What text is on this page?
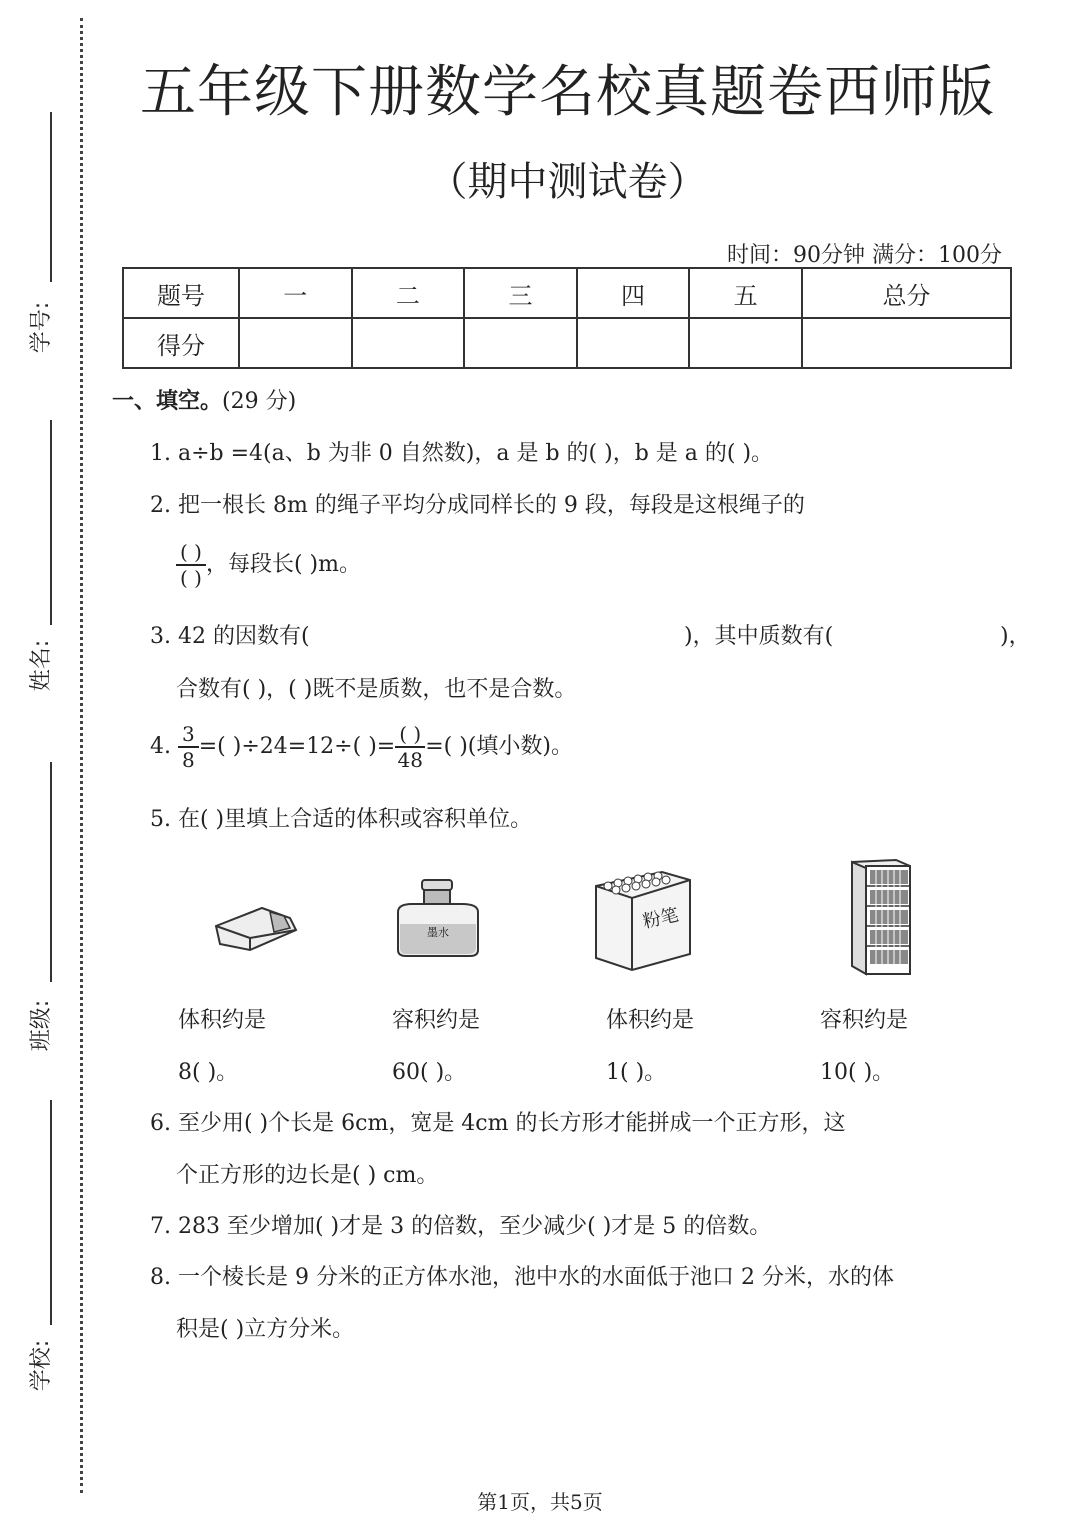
学号:
姓名:
班级:
学校:
五年级下册数学名校真题卷西师版
（期中测试卷）
时间：90分钟 满分：100分
题号	一	二	三	四	五	总分
得分						
一、填空。(29 分)
1. a÷b =4(a、b 为非 0 自然数)，a 是 b 的( )，b 是 a 的( )。
2. 把一根长 8m 的绳子平均分成同样长的 9 段，每段是这根绳子的
$\frac{( )}{( )}$ ，每段长( )m。
3. 42 的因数有(	)，其中质数有(	)，
合数有( )，( )既不是质数，也不是合数。
4. $\frac{3}{8}$ =( )÷24=12÷( )= $\frac{( )}{48}$ =( )(填小数)。
5. 在( )里填上合适的体积或容积单位。
墨水	粉笔
体积约是	容积约是	体积约是	容积约是
8( )。	60( )。	1( )。	10( )。
6. 至少用( )个长是 6cm，宽是 4cm 的长方形才能拼成一个正方形，这
个正方形的边长是( ) cm。
7. 283 至少增加( )才是 3 的倍数，至少减少( )才是 5 的倍数。
8. 一个棱长是 9 分米的正方体水池，池中水的水面低于池口 2 分米，水的体
积是( )立方分米。
第1页，共5页
